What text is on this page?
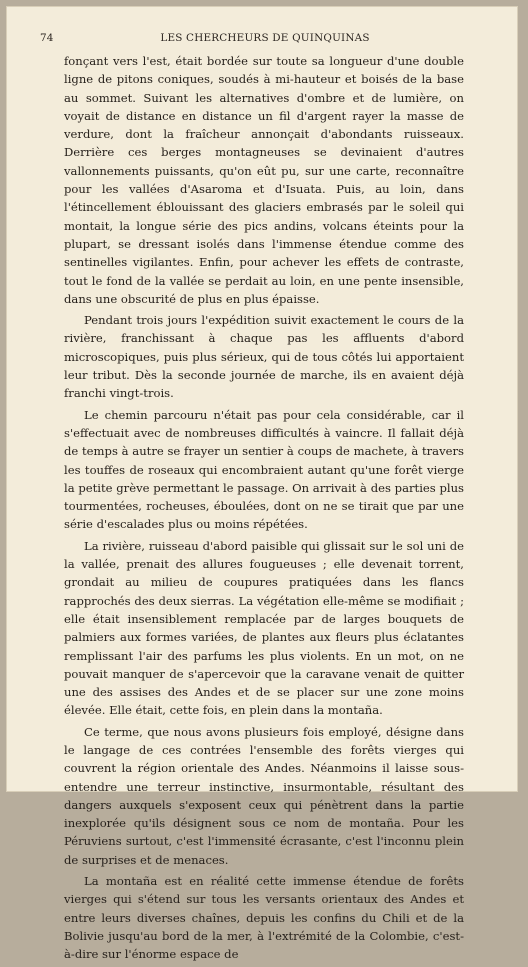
74	LES CHERCHEURS DE QUINQUINAS

fonçant vers l'est, était bordée sur toute sa longueur d'une double ligne de pitons coniques, soudés à mi-hauteur et boisés de la base au sommet. Suivant les alternatives d'ombre et de lumière, on voyait de distance en distance un fil d'argent rayer la masse de verdure, dont la fraîcheur annonçait d'abondants ruisseaux. Derrière ces berges montagneuses se devinaient d'autres vallonnements puissants, qu'on eût pu, sur une carte, reconnaître pour les vallées d'Asaroma et d'Isuata. Puis, au loin, dans l'étincellement éblouissant des glaciers embrasés par le soleil qui montait, la longue série des pics andins, volcans éteints pour la plupart, se dressant isolés dans l'immense étendue comme des sentinelles vigilantes. Enfin, pour achever les effets de contraste, tout le fond de la vallée se perdait au loin, en une pente insensible, dans une obscurité de plus en plus épaisse.

Pendant trois jours l'expédition suivit exactement le cours de la rivière, franchissant à chaque pas les affluents d'abord microscopiques, puis plus sérieux, qui de tous côtés lui apportaient leur tribut. Dès la seconde journée de marche, ils en avaient déjà franchi vingt-trois.

Le chemin parcouru n'était pas pour cela considérable, car il s'effectuait avec de nombreuses difficultés à vaincre. Il fallait déjà de temps à autre se frayer un sentier à coups de machete, à travers les touffes de roseaux qui encombraient autant qu'une forêt vierge la petite grève permettant le passage. On arrivait à des parties plus tourmentées, rocheuses, éboulées, dont on ne se tirait que par une série d'escalades plus ou moins répétées.

La rivière, ruisseau d'abord paisible qui glissait sur le sol uni de la vallée, prenait des allures fougueuses ; elle devenait torrent, grondait au milieu de coupures pratiquées dans les flancs rapprochés des deux sierras. La végétation elle-même se modifiait ; elle était insensiblement remplacée par de larges bouquets de palmiers aux formes variées, de plantes aux fleurs plus éclatantes remplissant l'air des parfums les plus violents. En un mot, on ne pouvait manquer de s'apercevoir que la caravane venait de quitter une des assises des Andes et de se placer sur une zone moins élevée. Elle était, cette fois, en plein dans la montaña.

Ce terme, que nous avons plusieurs fois employé, désigne dans le langage de ces contrées l'ensemble des forêts vierges qui couvrent la région orientale des Andes. Néanmoins il laisse sous-entendre une terreur instinctive, insurmontable, résultant des dangers auxquels s'exposent ceux qui pénètrent dans la partie inexplorée qu'ils désignent sous ce nom de montaña. Pour les Péruviens surtout, c'est l'immensité écrasante, c'est l'inconnu plein de surprises et de menaces.

La montaña est en réalité cette immense étendue de forêts vierges qui s'étend sur tous les versants orientaux des Andes et entre leurs diverses chaînes, depuis les confins du Chili et de la Bolivie jusqu'au bord de la mer, à l'extrémité de la Colombie, c'est-à-dire sur l'énorme espace de
